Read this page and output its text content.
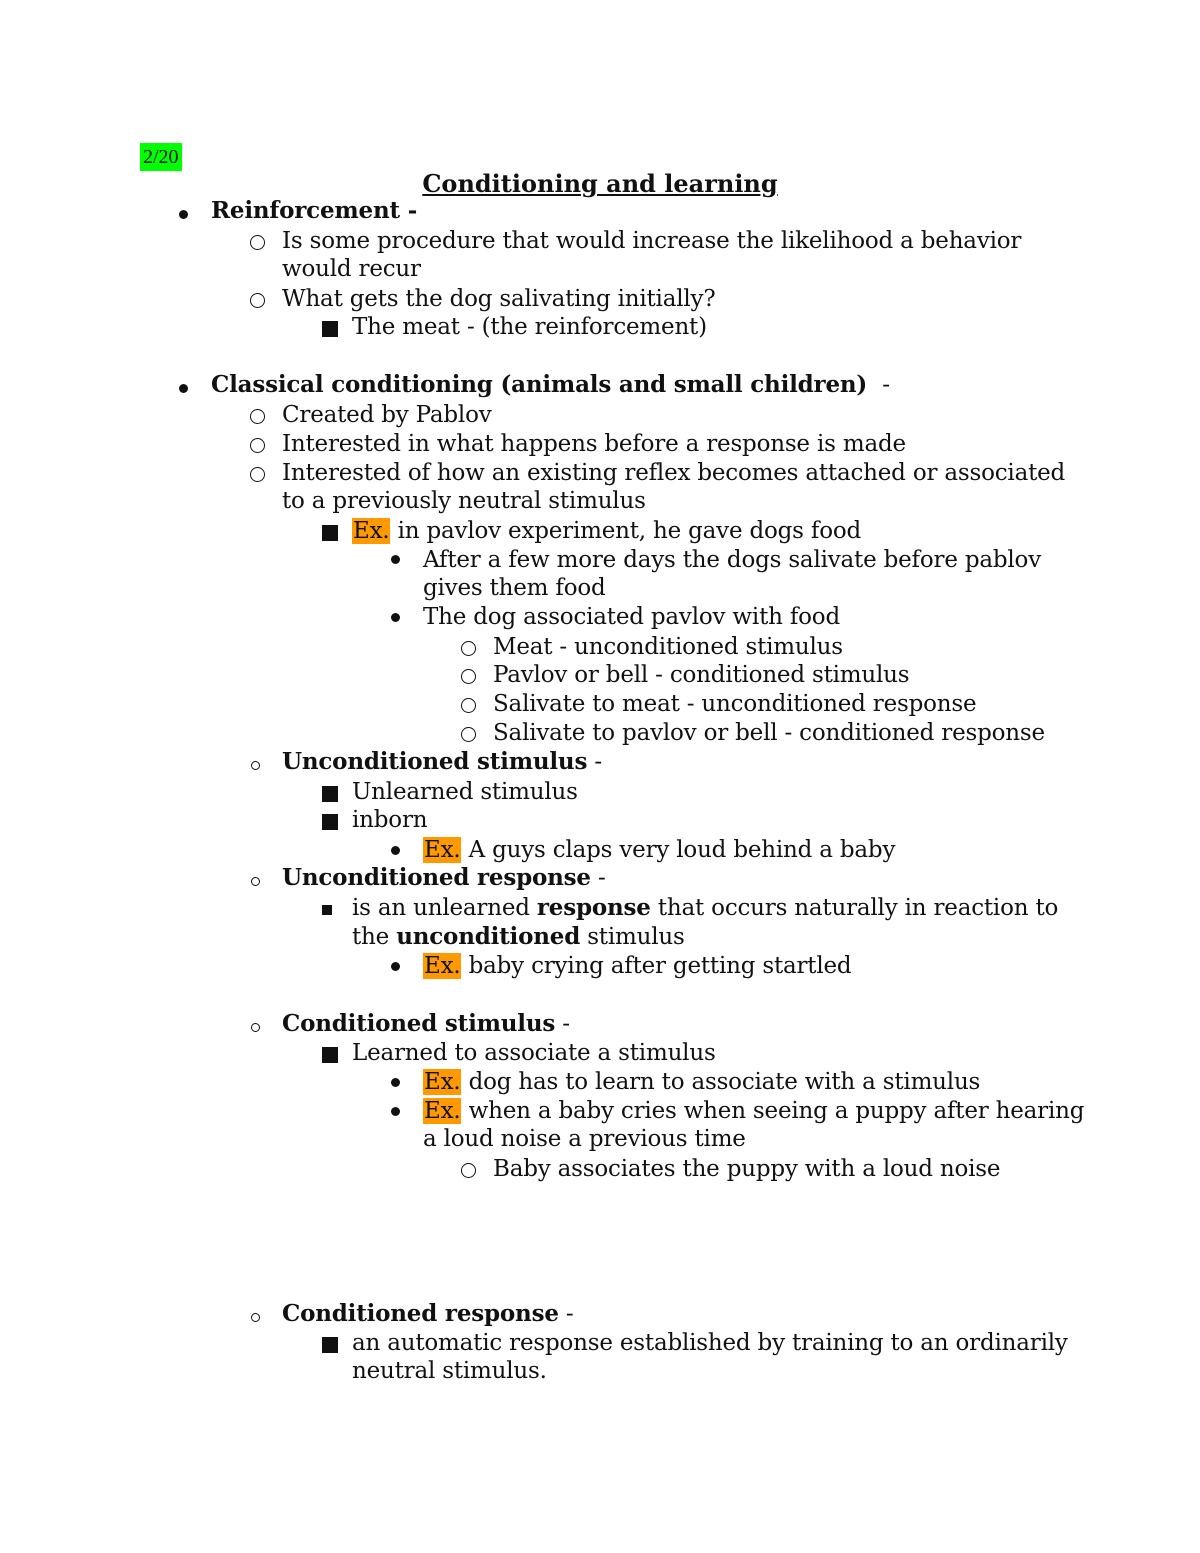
2/20
Conditioning and learning
Reinforcement -
Is some procedure that would increase the likelihood a behavior
would recur
What gets the dog salivating initially?
The meat - (the reinforcement)
Classical conditioning (animals and small children) -
Created by Pablov
Interested in what happens before a response is made
Interested of how an existing reflex becomes attached or associated
to a previously neutral stimulus
Ex. in pavlov experiment, he gave dogs food
After a few more days the dogs salivate before pablov
gives them food
The dog associated pavlov with food
Meat - unconditioned stimulus
Pavlov or bell - conditioned stimulus
Salivate to meat - unconditioned response
Salivate to pavlov or bell - conditioned response
Unconditioned stimulus -
Unlearned stimulus
inborn
Ex. A guys claps very loud behind a baby
Unconditioned response -
is an unlearned response that occurs naturally in reaction to
the unconditioned stimulus
Ex. baby crying after getting startled
Conditioned stimulus -
Learned to associate a stimulus
Ex. dog has to learn to associate with a stimulus
Ex. when a baby cries when seeing a puppy after hearing
a loud noise a previous time
Baby associates the puppy with a loud noise
Conditioned response -
an automatic response established by training to an ordinarily
neutral stimulus.
